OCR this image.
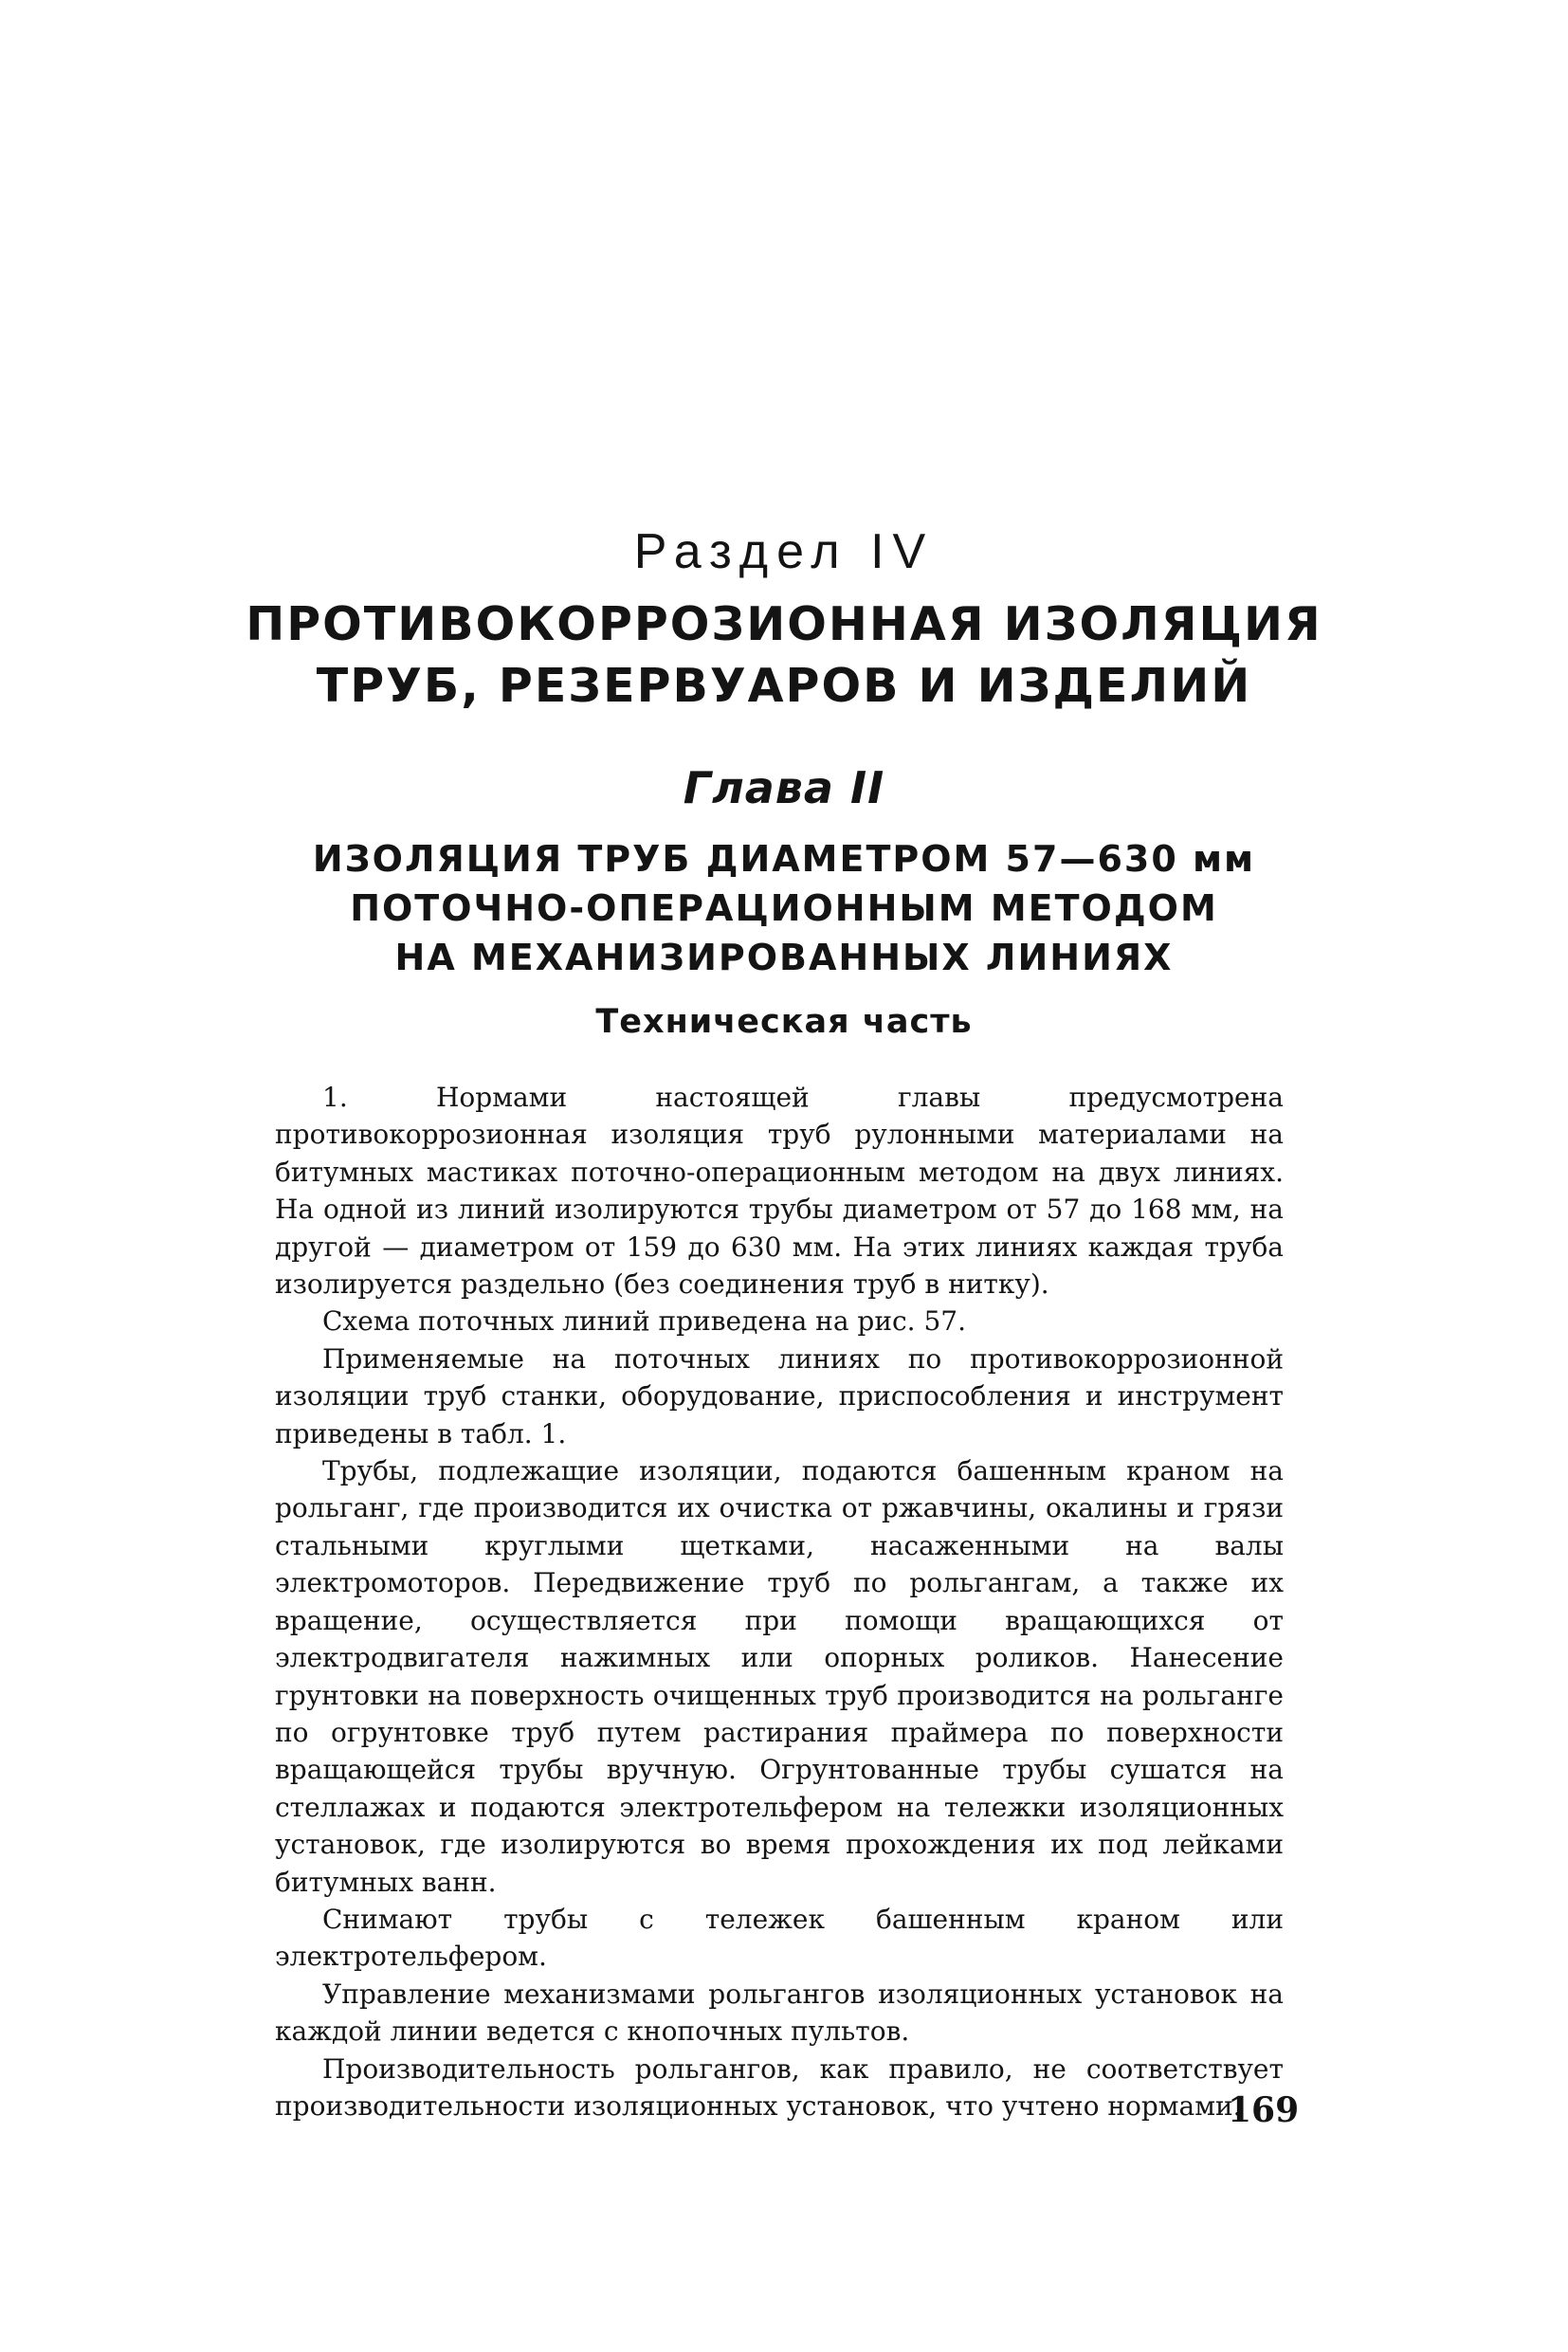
Раздел IV
ПРОТИВОКОРРОЗИОННАЯ ИЗОЛЯЦИЯ
ТРУБ, РЕЗЕРВУАРОВ И ИЗДЕЛИЙ
Глава II
ИЗОЛЯЦИЯ ТРУБ ДИАМЕТРОМ 57—630 мм
ПОТОЧНО-ОПЕРАЦИОННЫМ МЕТОДОМ
НА МЕХАНИЗИРОВАННЫХ ЛИНИЯХ
Техническая часть

1. Нормами настоящей главы предусмотрена противокоррозионная изоляция труб рулонными материалами на битумных мастиках поточно-операционным методом на двух линиях. На одной из линий изолируются трубы диаметром от 57 до 168 мм, на другой — диаметром от 159 до 630 мм. На этих линиях каждая труба изолируется раздельно (без соединения труб в нитку).

Схема поточных линий приведена на рис. 57.

Применяемые на поточных линиях по противокоррозионной изоляции труб станки, оборудование, приспособления и инструмент приведены в табл. 1.

Трубы, подлежащие изоляции, подаются башенным краном на рольганг, где производится их очистка от ржавчины, окалины и грязи стальными круглыми щетками, насаженными на валы электромоторов. Передвижение труб по рольгангам, а также их вращение, осуществляется при помощи вращающихся от электродвигателя нажимных или опорных роликов. Нанесение грунтовки на поверхность очищенных труб производится на рольганге по огрунтовке труб путем растирания праймера по поверхности вращающейся трубы вручную. Огрунтованные трубы сушатся на стеллажах и подаются электротельфером на тележки изоляционных установок, где изолируются во время прохождения их под лейками битумных ванн.

Снимают трубы с тележек башенным краном или электротельфером.

Управление механизмами рольгангов изоляционных установок на каждой линии ведется с кнопочных пультов.

Производительность рольгангов, как правило, не соответствует производительности изоляционных установок, что учтено нормами.

169
